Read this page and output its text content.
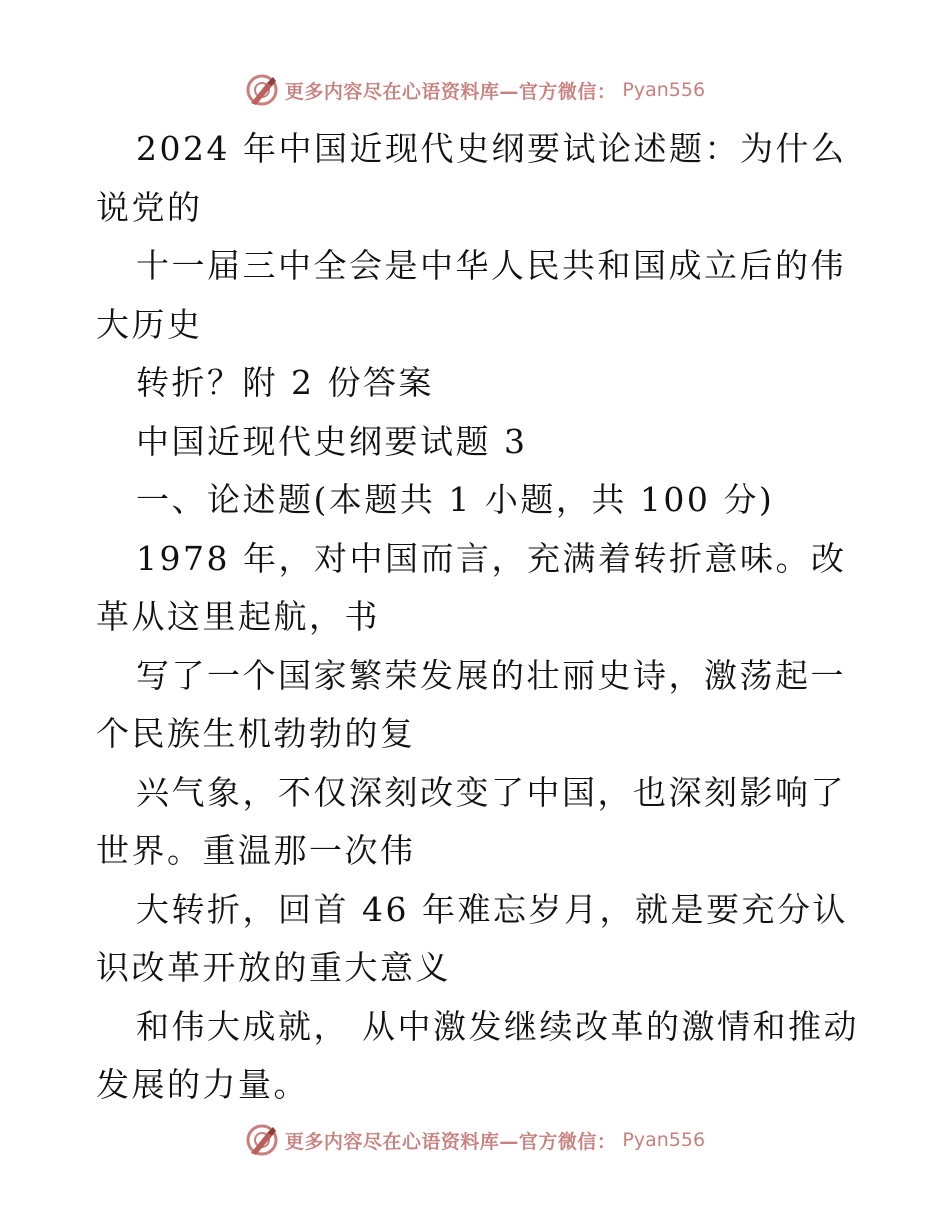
更多内容尽在心语资料库—官方微信： Pyan556

2024 年中国近现代史纲要试论述题：为什么说党的

十一届三中全会是中华人民共和国成立后的伟大历史

转折？附 2 份答案

中国近现代史纲要试题 3

一、论述题(本题共 1 小题，共 100 分)

1978 年，对中国而言，充满着转折意味。改革从这里起航，书

写了一个国家繁荣发展的壮丽史诗，激荡起一个民族生机勃勃的复

兴气象，不仅深刻改变了中国，也深刻影响了世界。重温那一次伟

大转折，回首 46 年难忘岁月，就是要充分认识改革开放的重大意义

和伟大成就， 从中激发继续改革的激情和推动发展的力量。

更多内容尽在心语资料库—官方微信： Pyan556
